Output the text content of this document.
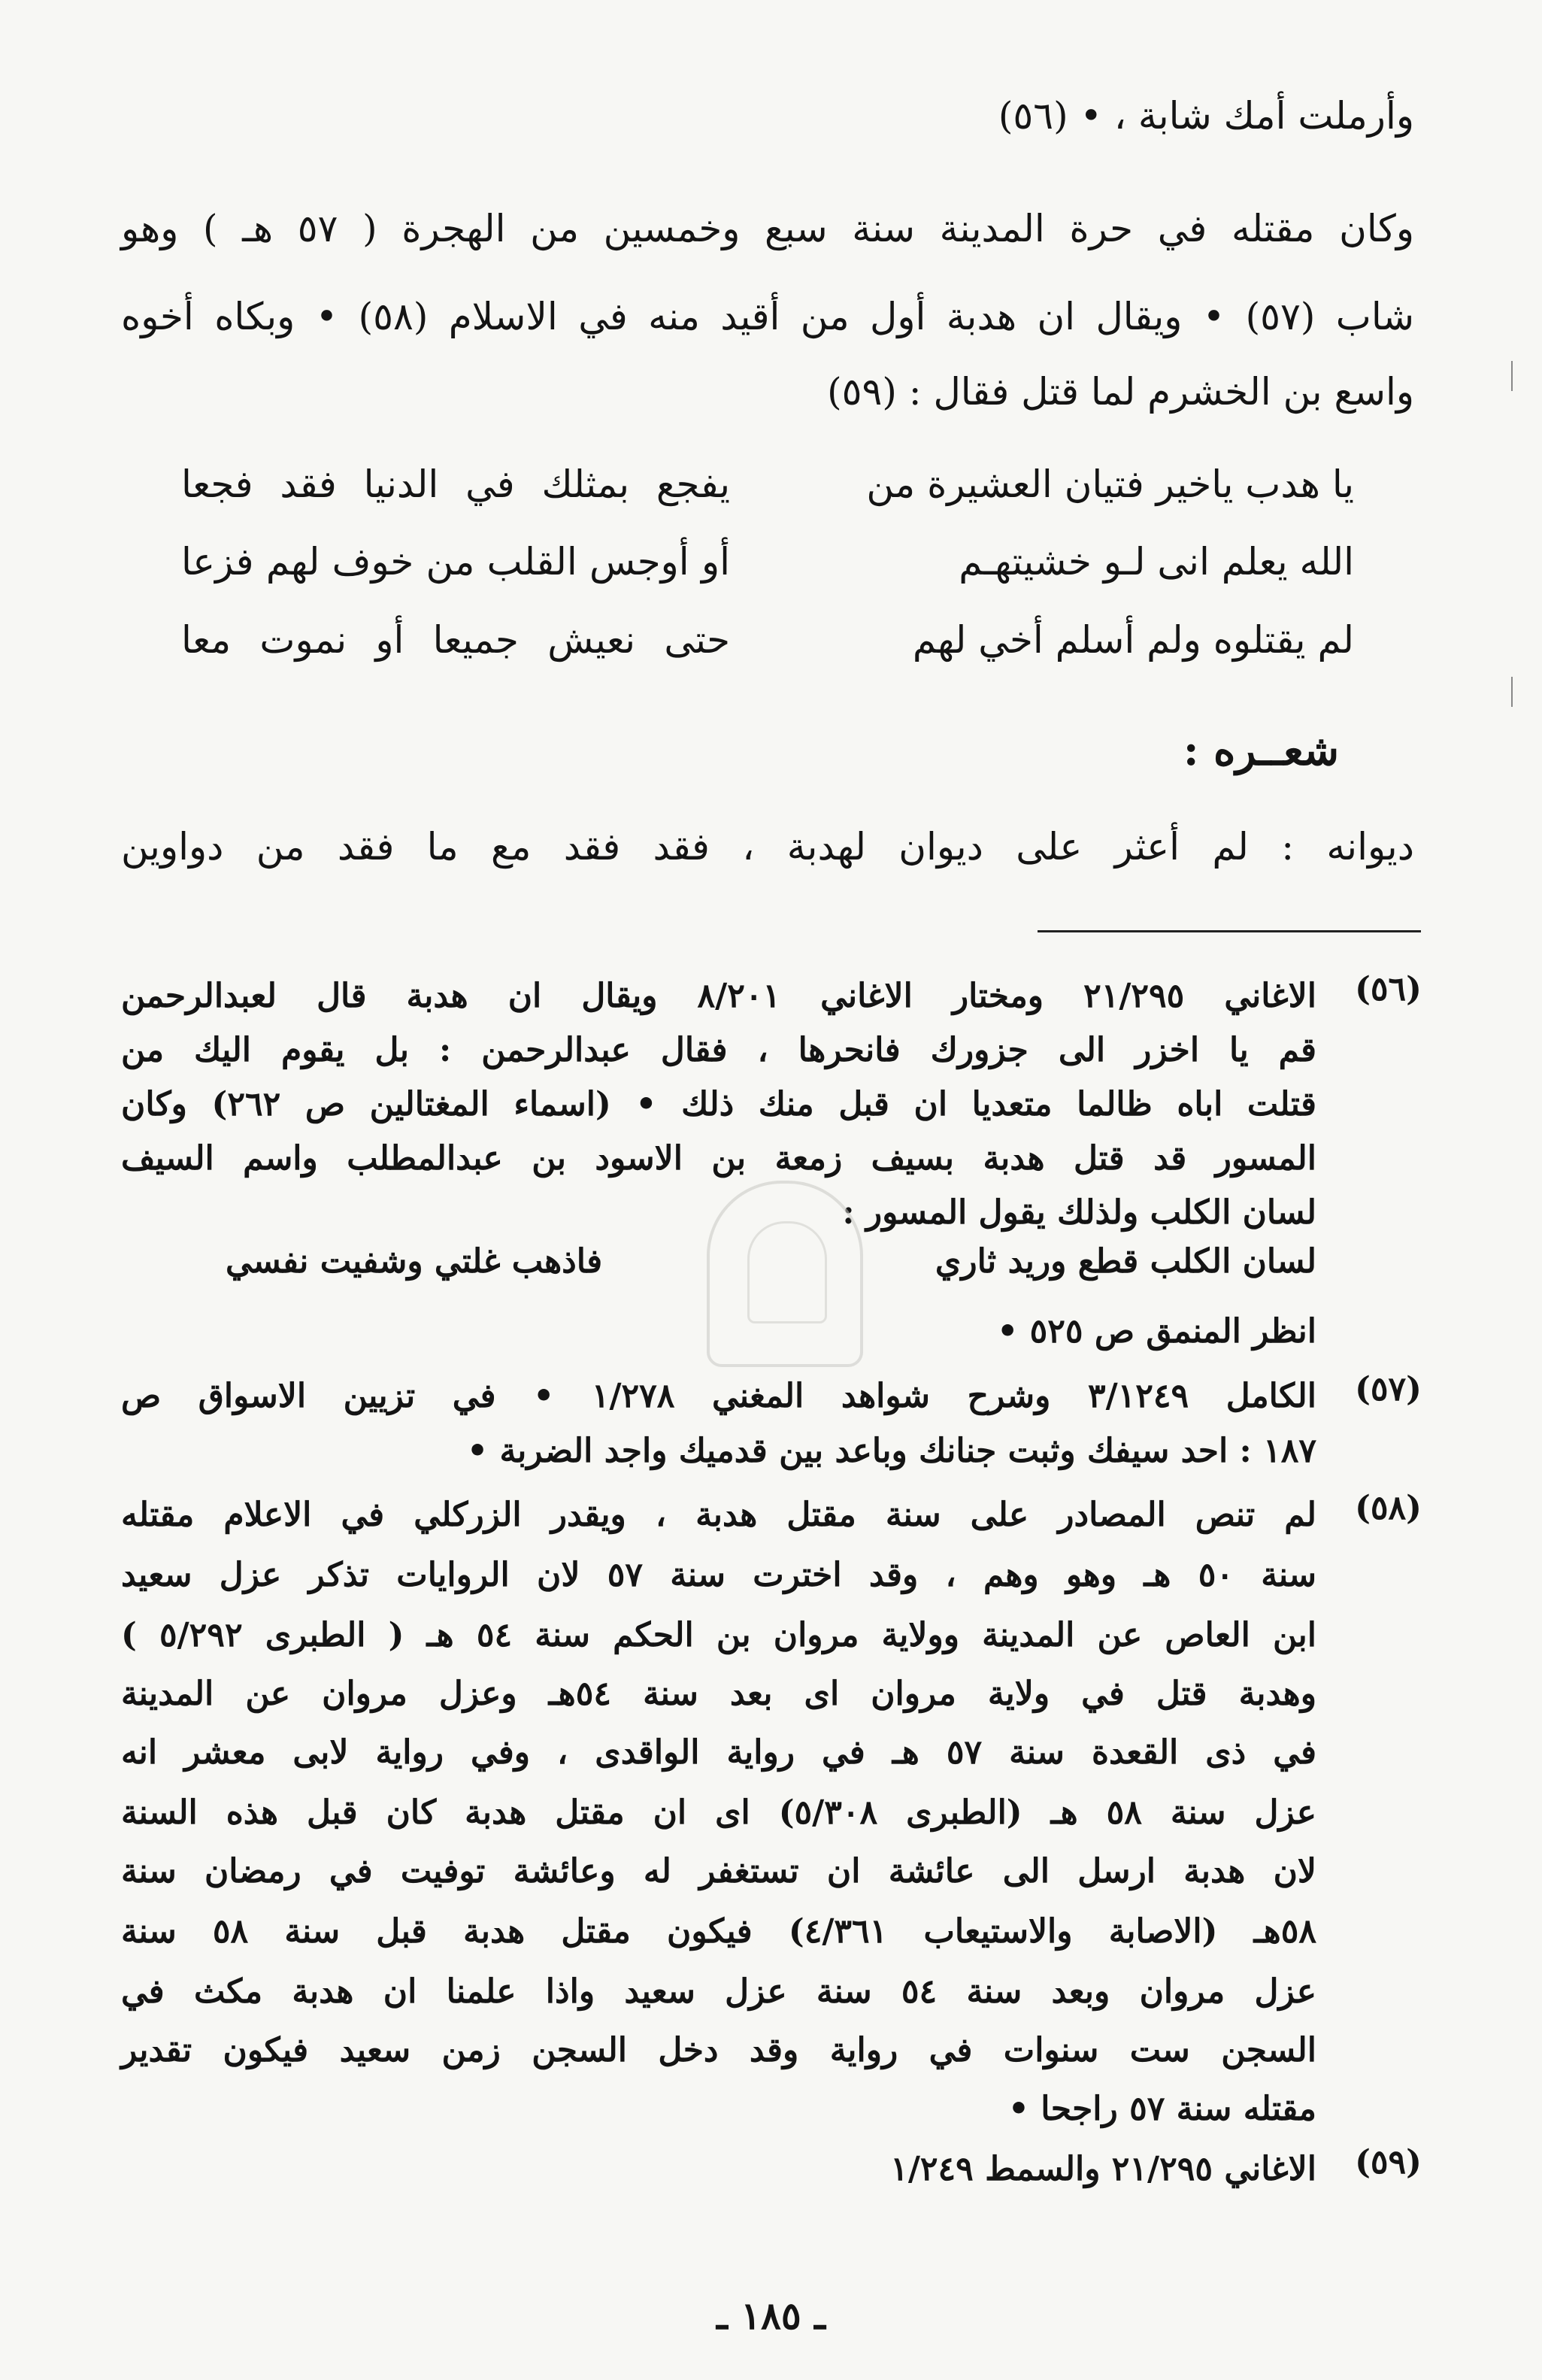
وأرملت أمك شابة ، • (٥٦)
وكان مقتله في حرة المدينة سنة سبع وخمسين من الهجرة ( ٥٧ هـ ) وهو
شاب (٥٧) • ويقال ان هدبة أول من أقيد منه في الاسلام (٥٨) • وبكاه أخوه
واسع بن الخشرم لما قتل فقال : (٥٩)
يا هدب ياخير فتيان العشيرة من
يفجع بمثلك في الدنيا فقد فجعا
الله يعلم انى لـو خشيتهـم
أو أوجس القلب من خوف لهم فزعا
لم يقتلوه ولم أسلم أخي لهم
حتى نعيش جميعا أو نموت معا
شعــره :
ديوانه : لم أعثر على ديوان لهدبة ، فقد فقد مع ما فقد من دواوين
(٥٦)
الاغاني ٢١/٢٩٥ ومختار الاغاني ٨/٢٠١ ويقال ان هدبة قال لعبدالرحمن
قم يا اخزر الى جزورك فانحرها ، فقال عبدالرحمن : بل يقوم اليك من
قتلت اباه ظالما متعديا ان قبل منك ذلك • (اسماء المغتالين ص ٢٦٢) وكان
المسور قد قتل هدبة بسيف زمعة بن الاسود بن عبدالمطلب واسم السيف
لسان الكلب ولذلك يقول المسور :
لسان الكلب قطع وريد ثاري
فاذهب غلتي وشفيت نفسي
انظر المنمق ص ٥٢٥ •
(٥٧)
الكامل ٣/١٢٤٩ وشرح شواهد المغني ١/٢٧٨ • في تزيين الاسواق ص
١٨٧ : احد سيفك وثبت جنانك وباعد بين قدميك واجد الضربة •
(٥٨)
لم تنص المصادر على سنة مقتل هدبة ، ويقدر الزركلي في الاعلام مقتله
سنة ٥٠ هـ وهو وهم ، وقد اخترت سنة ٥٧ لان الروايات تذكر عزل سعيد
ابن العاص عن المدينة وولاية مروان بن الحكم سنة ٥٤ هـ ( الطبرى ٥/٢٩٢ )
وهدبة قتل في ولاية مروان اى بعد سنة ٥٤هـ وعزل مروان عن المدينة
في ذى القعدة سنة ٥٧ هـ في رواية الواقدى ، وفي رواية لابى معشر انه
عزل سنة ٥٨ هـ (الطبرى ٥/٣٠٨) اى ان مقتل هدبة كان قبل هذه السنة
لان هدبة ارسل الى عائشة ان تستغفر له وعائشة توفيت في رمضان سنة
٥٨هـ (الاصابة والاستيعاب ٤/٣٦١) فيكون مقتل هدبة قبل سنة ٥٨ سنة
عزل مروان وبعد سنة ٥٤ سنة عزل سعيد واذا علمنا ان هدبة مكث في
السجن ست سنوات في رواية وقد دخل السجن زمن سعيد فيكون تقدير
مقتله سنة ٥٧ راجحا •
(٥٩)
الاغاني ٢١/٢٩٥ والسمط ١/٢٤٩
ـ ١٨٥ ـ
